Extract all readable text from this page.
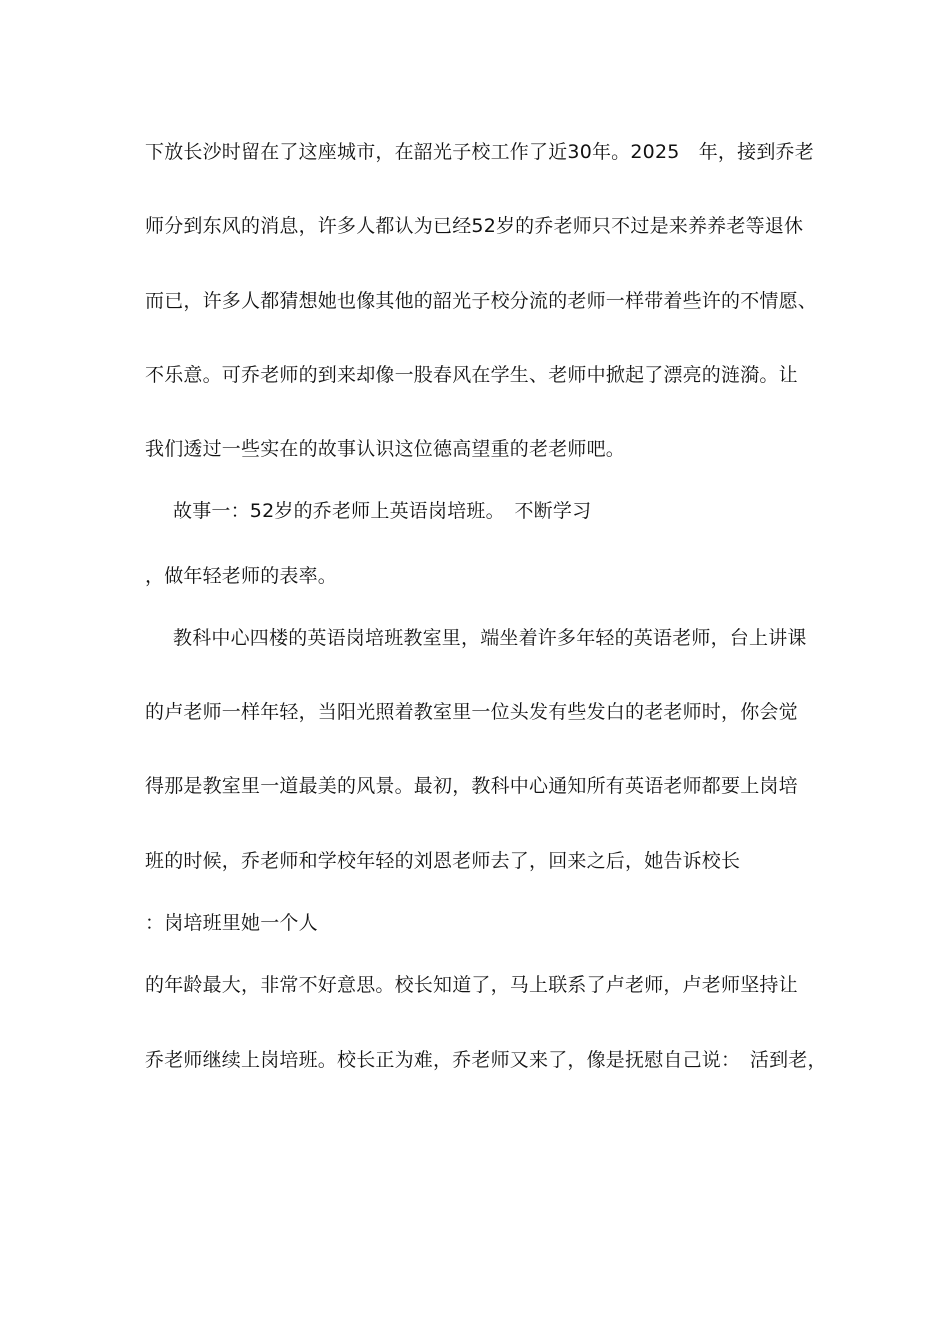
下放长沙时留在了这座城市，在韶光子校工作了近30年。2025　年，接到乔老
师分到东风的消息，许多人都认为已经52岁的乔老师只不过是来养养老等退休
而已，许多人都猜想她也像其他的韶光子校分流的老师一样带着些许的不情愿、
不乐意。可乔老师的到来却像一股春风在学生、老师中掀起了漂亮的涟漪。让
我们透过一些实在的故事认识这位德高望重的老老师吧。
故事一：52岁的乔老师上英语岗培班。　不断学习
，做年轻老师的表率。
教科中心四楼的英语岗培班教室里，端坐着许多年轻的英语老师，台上讲课
的卢老师一样年轻，当阳光照着教室里一位头发有些发白的老老师时，你会觉
得那是教室里一道最美的风景。最初，教科中心通知所有英语老师都要上岗培
班的时候，乔老师和学校年轻的刘恩老师去了，回来之后，她告诉校长
：岗培班里她一个人
的年龄最大，非常不好意思。校长知道了，马上联系了卢老师，卢老师坚持让
乔老师继续上岗培班。校长正为难，乔老师又来了，像是抚慰自己说：　活到老，
